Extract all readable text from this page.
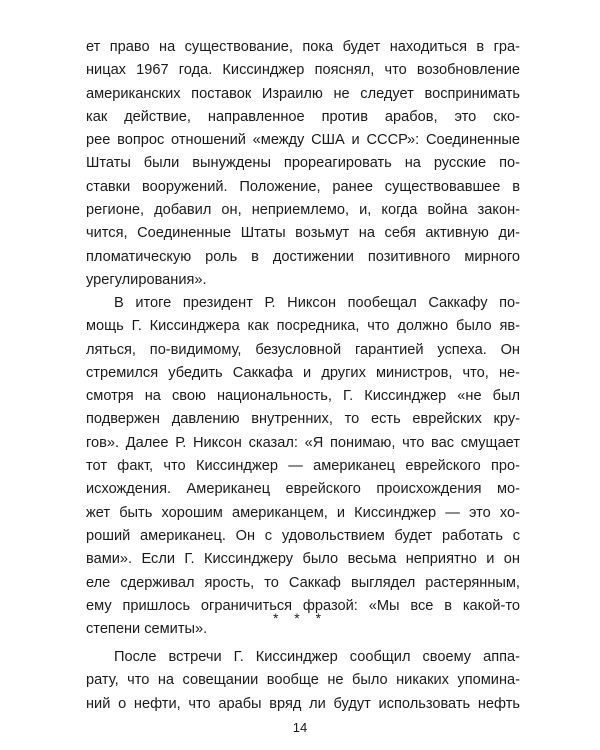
ет право на существование, пока будет находиться в гра-
ницах 1967 года. Киссинджер пояснял, что возобновление
американских поставок Израилю не следует воспринимать
как действие, направленное против арабов, это ско-
рее вопрос отношений «между США и СССР»: Соединенные
Штаты были вынуждены прореагировать на русские по-
ставки вооружений. Положение, ранее существовавшее в
регионе, добавил он, неприемлемо, и, когда война закон-
чится, Соединенные Штаты возьмут на себя активную ди-
пломатическую роль в достижении позитивного мирного
урегулирования».
В итоге президент Р. Никсон пообещал Саккафу по-
мощь Г. Киссинджера как посредника, что должно было яв-
ляться, по-видимому, безусловной гарантией успеха. Он
стремился убедить Саккафа и других министров, что, не-
смотря на свою национальность, Г. Киссинджер «не был
подвержен давлению внутренних, то есть еврейских кру-
гов». Далее Р. Никсон сказал: «Я понимаю, что вас смущает
тот факт, что Киссинджер — американец еврейского про-
исхождения. Американец еврейского происхождения мо-
жет быть хорошим американцем, и Киссинджер — это хо-
роший американец. Он с удовольствием будет работать с
вами». Если Г. Киссинджеру было весьма неприятно и он
еле сдерживал ярость, то Саккаф выглядел растерянным,
ему пришлось ограничиться фразой: «Мы все в какой-то
степени семиты».
* * *
После встречи Г. Киссинджер сообщил своему аппа-
рату, что на совещании вообще не было никаких упомина-
ний о нефти, что арабы вряд ли будут использовать нефть
14
